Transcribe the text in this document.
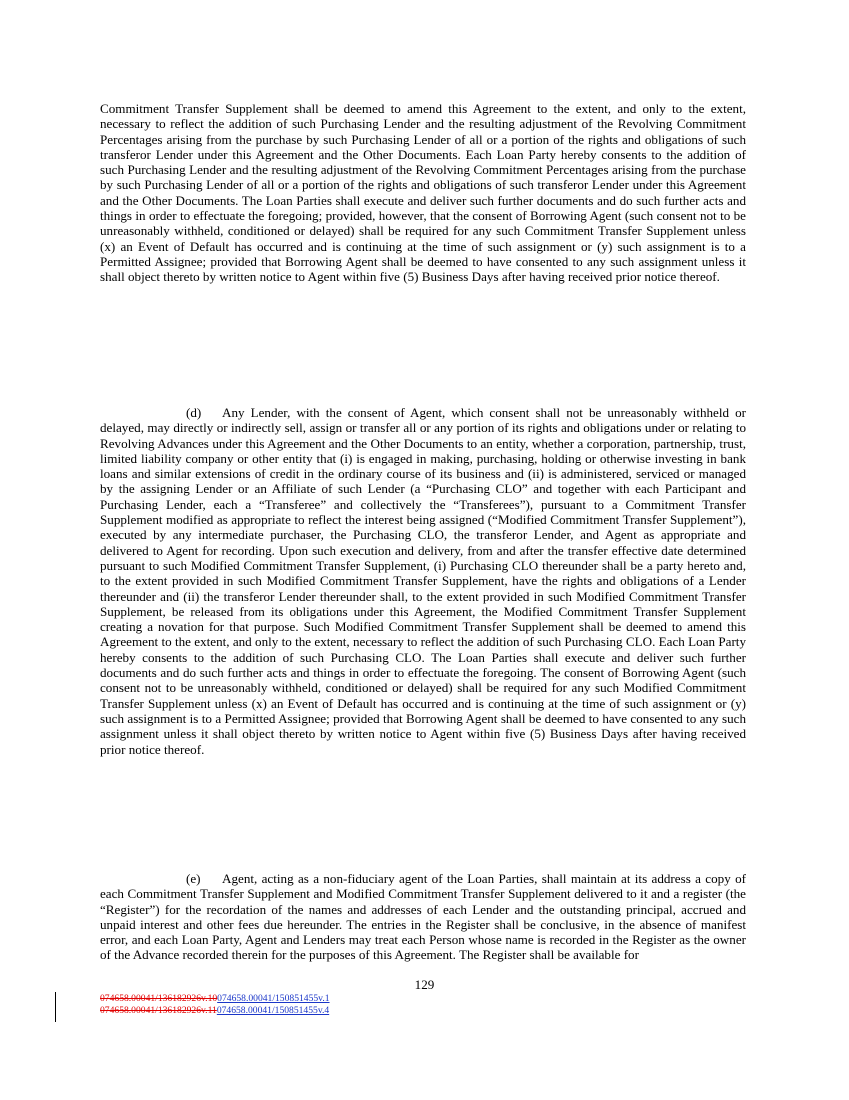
Commitment Transfer Supplement shall be deemed to amend this Agreement to the extent, and only to the extent, necessary to reflect the addition of such Purchasing Lender and the resulting adjustment of the Revolving Commitment Percentages arising from the purchase by such Purchasing Lender of all or a portion of the rights and obligations of such transferor Lender under this Agreement and the Other Documents. Each Loan Party hereby consents to the addition of such Purchasing Lender and the resulting adjustment of the Revolving Commitment Percentages arising from the purchase by such Purchasing Lender of all or a portion of the rights and obligations of such transferor Lender under this Agreement and the Other Documents. The Loan Parties shall execute and deliver such further documents and do such further acts and things in order to effectuate the foregoing; provided, however, that the consent of Borrowing Agent (such consent not to be unreasonably withheld, conditioned or delayed) shall be required for any such Commitment Transfer Supplement unless (x) an Event of Default has occurred and is continuing at the time of such assignment or (y) such assignment is to a Permitted Assignee; provided that Borrowing Agent shall be deemed to have consented to any such assignment unless it shall object thereto by written notice to Agent within five (5) Business Days after having received prior notice thereof.

(d) Any Lender, with the consent of Agent, which consent shall not be unreasonably withheld or delayed, may directly or indirectly sell, assign or transfer all or any portion of its rights and obligations under or relating to Revolving Advances under this Agreement and the Other Documents to an entity, whether a corporation, partnership, trust, limited liability company or other entity that (i) is engaged in making, purchasing, holding or otherwise investing in bank loans and similar extensions of credit in the ordinary course of its business and (ii) is administered, serviced or managed by the assigning Lender or an Affiliate of such Lender (a “Purchasing CLO” and together with each Participant and Purchasing Lender, each a “Transferee” and collectively the “Transferees”), pursuant to a Commitment Transfer Supplement modified as appropriate to reflect the interest being assigned (“Modified Commitment Transfer Supplement”), executed by any intermediate purchaser, the Purchasing CLO, the transferor Lender, and Agent as appropriate and delivered to Agent for recording. Upon such execution and delivery, from and after the transfer effective date determined pursuant to such Modified Commitment Transfer Supplement, (i) Purchasing CLO thereunder shall be a party hereto and, to the extent provided in such Modified Commitment Transfer Supplement, have the rights and obligations of a Lender thereunder and (ii) the transferor Lender thereunder shall, to the extent provided in such Modified Commitment Transfer Supplement, be released from its obligations under this Agreement, the Modified Commitment Transfer Supplement creating a novation for that purpose. Such Modified Commitment Transfer Supplement shall be deemed to amend this Agreement to the extent, and only to the extent, necessary to reflect the addition of such Purchasing CLO. Each Loan Party hereby consents to the addition of such Purchasing CLO. The Loan Parties shall execute and deliver such further documents and do such further acts and things in order to effectuate the foregoing. The consent of Borrowing Agent (such consent not to be unreasonably withheld, conditioned or delayed) shall be required for any such Modified Commitment Transfer Supplement unless (x) an Event of Default has occurred and is continuing at the time of such assignment or (y) such assignment is to a Permitted Assignee; provided that Borrowing Agent shall be deemed to have consented to any such assignment unless it shall object thereto by written notice to Agent within five (5) Business Days after having received prior notice thereof.

(e) Agent, acting as a non-fiduciary agent of the Loan Parties, shall maintain at its address a copy of each Commitment Transfer Supplement and Modified Commitment Transfer Supplement delivered to it and a register (the “Register”) for the recordation of the names and addresses of each Lender and the outstanding principal, accrued and unpaid interest and other fees due hereunder. The entries in the Register shall be conclusive, in the absence of manifest error, and each Loan Party, Agent and Lenders may treat each Person whose name is recorded in the Register as the owner of the Advance recorded therein for the purposes of this Agreement. The Register shall be available for

129
074658.00041/136182926v.10074658.00041/150851455v.1
074658.00041/136182926v.11074658.00041/150851455v.4
